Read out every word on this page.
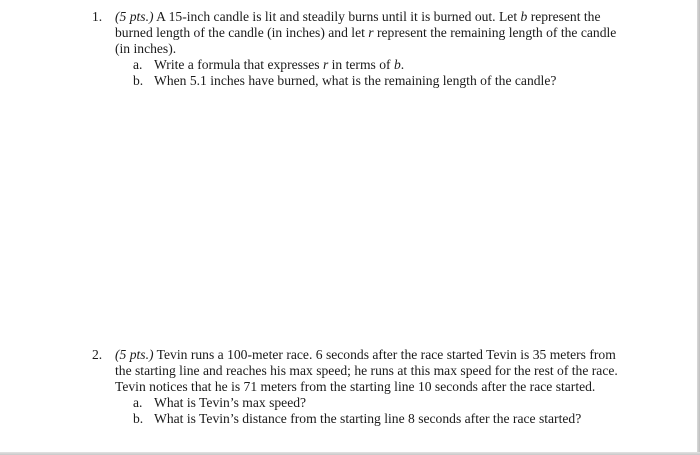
1. (5 pts.) A 15-inch candle is lit and steadily burns until it is burned out. Let b represent the burned length of the candle (in inches) and let r represent the remaining length of the candle (in inches).
a. Write a formula that expresses r in terms of b.
b. When 5.1 inches have burned, what is the remaining length of the candle?
2. (5 pts.) Tevin runs a 100-meter race. 6 seconds after the race started Tevin is 35 meters from the starting line and reaches his max speed; he runs at this max speed for the rest of the race. Tevin notices that he is 71 meters from the starting line 10 seconds after the race started.
a. What is Tevin’s max speed?
b. What is Tevin’s distance from the starting line 8 seconds after the race started?
